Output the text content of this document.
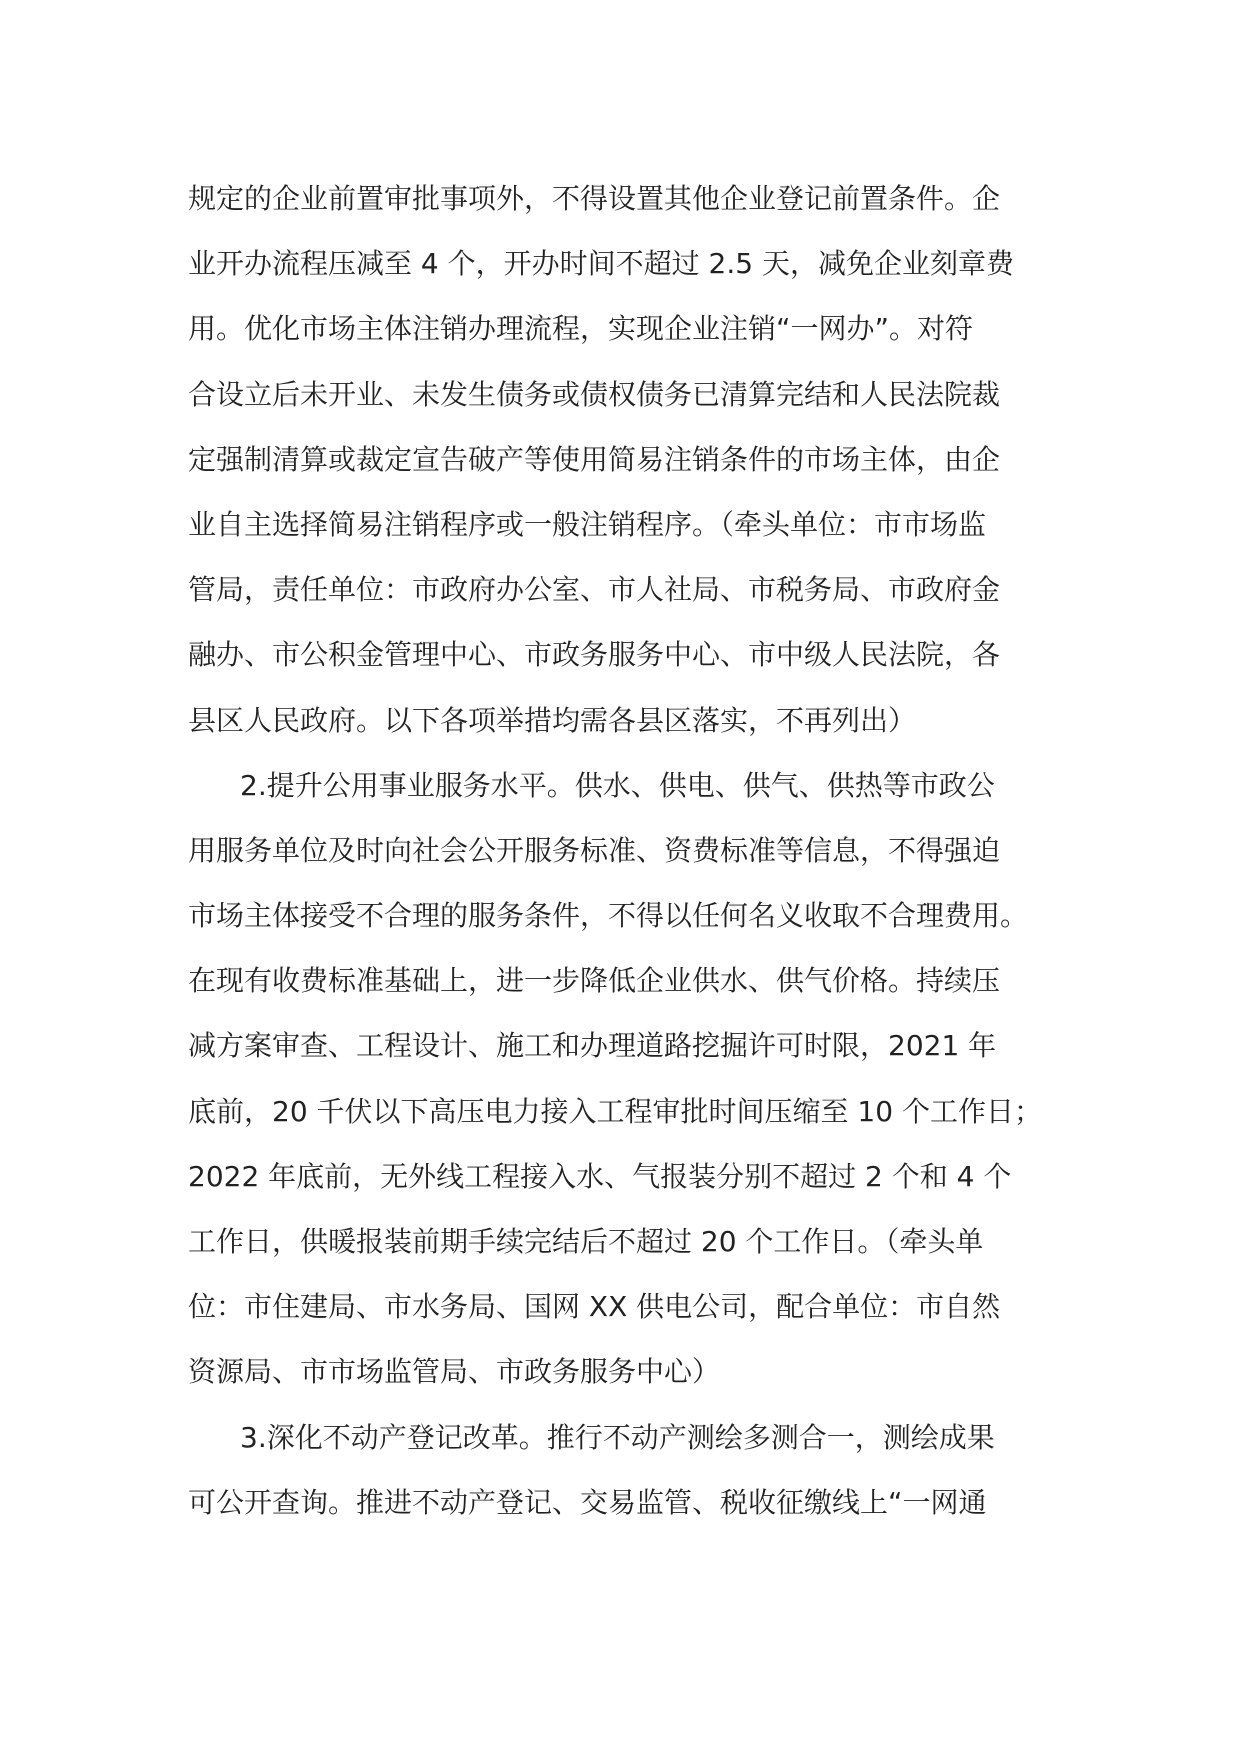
规定的企业前置审批事项外，不得设置其他企业登记前置条件。企
业开办流程压减至 4 个，开办时间不超过 2.5 天，减免企业刻章费
用。优化市场主体注销办理流程，实现企业注销“一网办”。对符
合设立后未开业、未发生债务或债权债务已清算完结和人民法院裁
定强制清算或裁定宣告破产等使用简易注销条件的市场主体，由企
业自主选择简易注销程序或一般注销程序。（牵头单位：市市场监
管局，责任单位：市政府办公室、市人社局、市税务局、市政府金
融办、市公积金管理中心、市政务服务中心、市中级人民法院，各
县区人民政府。以下各项举措均需各县区落实，不再列出）
2.提升公用事业服务水平。供水、供电、供气、供热等市政公
用服务单位及时向社会公开服务标准、资费标准等信息，不得强迫
市场主体接受不合理的服务条件，不得以任何名义收取不合理费用。
在现有收费标准基础上，进一步降低企业供水、供气价格。持续压
减方案审查、工程设计、施工和办理道路挖掘许可时限，2021 年
底前，20 千伏以下高压电力接入工程审批时间压缩至 10 个工作日；
2022 年底前，无外线工程接入水、气报装分别不超过 2 个和 4 个
工作日，供暖报装前期手续完结后不超过 20 个工作日。（牵头单
位：市住建局、市水务局、国网 XX 供电公司，配合单位：市自然
资源局、市市场监管局、市政务服务中心）
3.深化不动产登记改革。推行不动产测绘多测合一，测绘成果
可公开查询。推进不动产登记、交易监管、税收征缴线上“一网通
